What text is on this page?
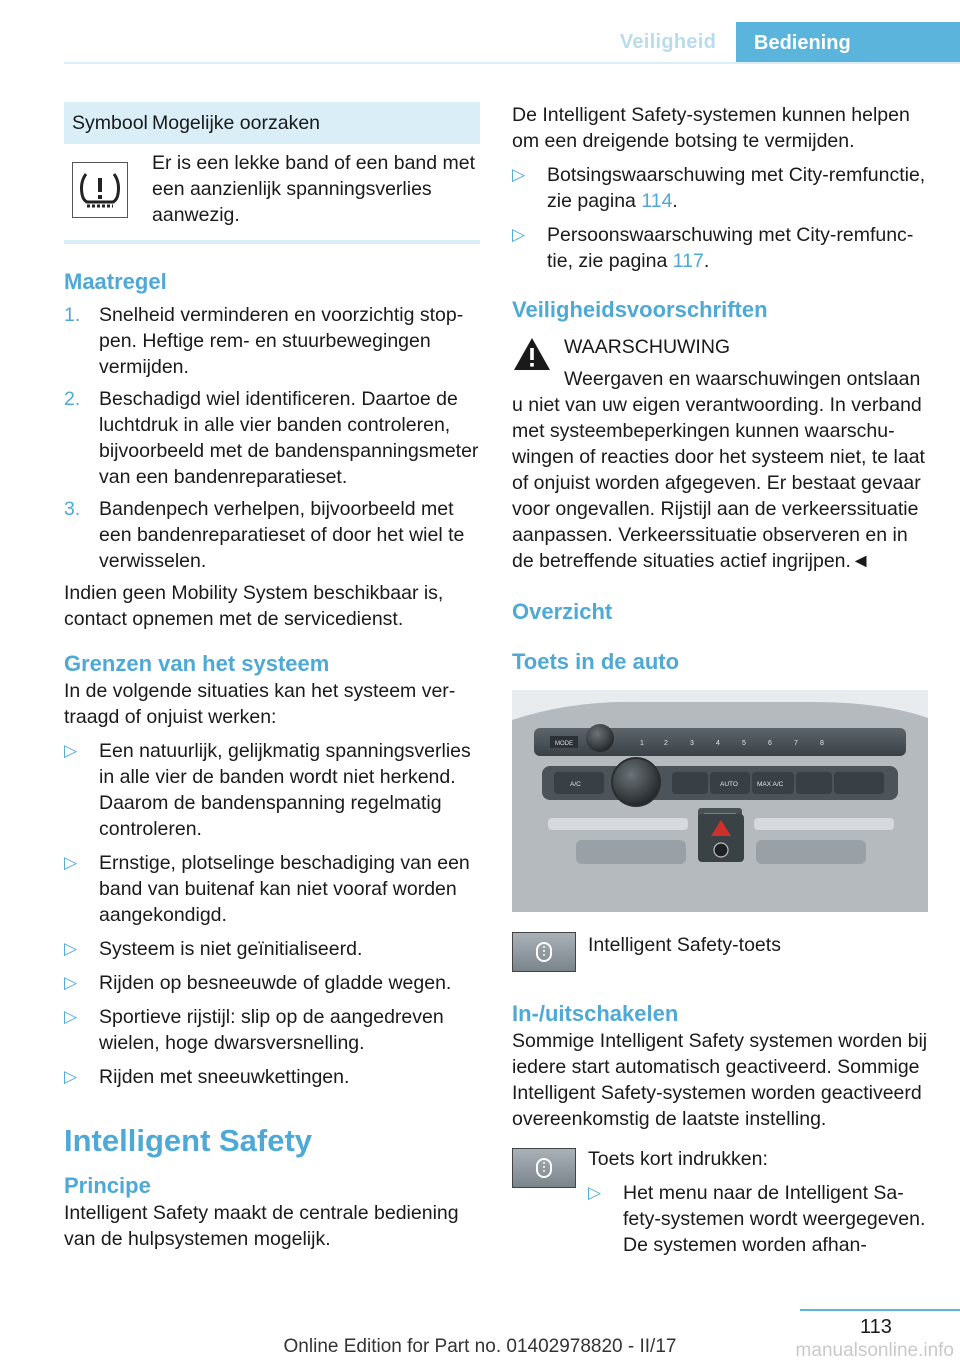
Veiligheid	Bediening
Symbool Mogelijke oorzaken
Er is een lekke band of een band met een aanzienlijk spanningsverlies aanwezig.
Maatregel
1. Snelheid verminderen en voorzichtig stoppen. Heftige rem- en stuurbewegingen vermijden.
2. Beschadigd wiel identificeren. Daartoe de luchtdruk in alle vier banden controleren, bijvoorbeeld met de bandenspanningsmeter van een bandenreparatieset.
3. Bandenpech verhelpen, bijvoorbeeld met een bandenreparatieset of door het wiel te verwisselen.

Indien geen Mobility System beschikbaar is, contact opnemen met de servicedienst.

Grenzen van het systeem

In de volgende situaties kan het systeem vertraagd of onjuist werken:

▷	Een natuurlijk, gelijkmatig spanningsverlies in alle vier de banden wordt niet herkend. Daarom de bandenspanning regelmatig controleren.
▷	Ernstige, plotselinge beschadiging van een band van buitenaf kan niet vooraf worden aangekondigd.
▷	Systeem is niet geïnitialiseerd.
▷	Rijden op besneeuwde of gladde wegen.
▷	Sportieve rijstijl: slip op de aangedreven wielen, hoge dwarsversnelling.
▷	Rijden met sneeuwkettingen.
Intelligent Safety
Principe

Intelligent Safety maakt de centrale bediening van de hulpsystemen mogelijk.

De Intelligent Safety-systemen kunnen helpen om een dreigende botsing te vermijden.

▷	Botsingswaarschuwing met City-remfunctie, zie pagina 114.
▷	Persoonswaarschuwing met City-remfunctie, zie pagina 117.
Veiligheidsvoorschriften
WAARSCHUWING
Weergaven en waarschuwingen ontslaan

u niet van uw eigen verantwoording. In verband met systeembeperkingen kunnen waarschuwingen of reacties door het systeem niet, te laat of onjuist worden afgegeven. Er bestaat gevaar voor ongevallen. Rijstijl aan de verkeerssituatie aanpassen. Verkeerssituatie observeren en in de betreffende situaties actief ingrijpen.◄

Overzicht
Toets in de auto
MODE	1	2	3	4	5	6	7	8
A/C	AUTO	MAX A/C
Intelligent Safety-toets
In-/uitschakelen

Sommige Intelligent Safety systemen worden bij iedere start automatisch geactiveerd. Sommige Intelligent Safety-systemen worden geactiveerd overeenkomstig de laatste instelling.

Toets kort indrukken:
▷	Het menu naar de Intelligent Safety-systemen wordt weergegeven. De systemen worden afhan-
113
Online Edition for Part no. 01402978820 - II/17	manualsonline.info
